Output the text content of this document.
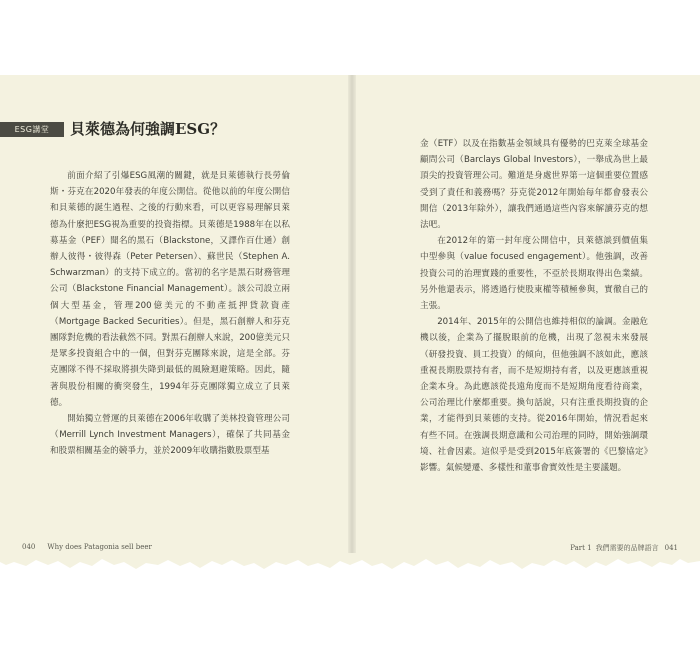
ESG講堂	貝萊德為何強調ESG？

前面介紹了引爆ESG風潮的關鍵，就是貝萊德執行長勞倫斯・芬克在2020年發表的年度公開信。從他以前的年度公開信和貝萊德的誕生過程、之後的行動來看，可以更容易理解貝萊德為什麼把ESG視為重要的投資指標。貝萊德是1988年在以私募基金（PEF）聞名的黑石（Blackstone，又譯作百仕通）創辦人彼得・彼得森（Peter Petersen）、蘇世民（Stephen A. Schwarzman）的支持下成立的。當初的名字是黑石財務管理公司（Blackstone Financial Management）。該公司設立兩個大型基金，管理200億美元的不動產抵押貸款資產（Mortgage Backed Securities）。但是，黑石創辦人和芬克團隊對危機的看法截然不同。對黑石創辦人來說，200億美元只是眾多投資組合中的一個，但對芬克團隊來說，這是全部。芬克團隊不得不採取將損失降到最低的風險迴避策略。因此，隨著與股份相關的衝突發生，1994年芬克團隊獨立成立了貝萊德。

開始獨立營運的貝萊德在2006年收購了美林投資管理公司（Merrill Lynch Investment Managers），確保了共同基金和股票相關基金的競爭力，並於2009年收購指數股票型基

040 Why does Patagonia sell beer

金（ETF）以及在指數基金領域具有優勢的巴克萊全球基金顧問公司（Barclays Global Investors），一舉成為世上最頂尖的投資管理公司。難道是身處世界第一這個重要位置感受到了責任和義務嗎？芬克從2012年開始每年都會發表公開信（2013年除外），讓我們通過這些內容來解讀芬克的想法吧。

在2012年的第一封年度公開信中，貝萊德談到價值集中型參與（value focused engagement）。他強調，改善投資公司的治理實踐的重要性，不亞於長期取得出色業績。另外他還表示，將透過行使股東權等積極參與，實徹自己的主張。

2014年、2015年的公開信也維持相似的論調。金融危機以後，企業為了擺脫眼前的危機，出現了忽視未來發展（研發投資、員工投資）的傾向，但他強調不該如此，應該重視長期股票持有者，而不是短期持有者，以及更應該重視企業本身。為此應該從長遠角度而不是短期角度看待商業，公司治理比什麼都重要。換句話說，只有注重長期投資的企業，才能得到貝萊德的支持。從2016年開始，情況看起來有些不同。在強調長期意識和公司治理的同時，開始強調環境、社會因素。這似乎是受到2015年底簽署的《巴黎協定》影響。氣候變遷、多樣性和董事會實效性是主要議題。

Part 1 我們需要的品牌語言 041
